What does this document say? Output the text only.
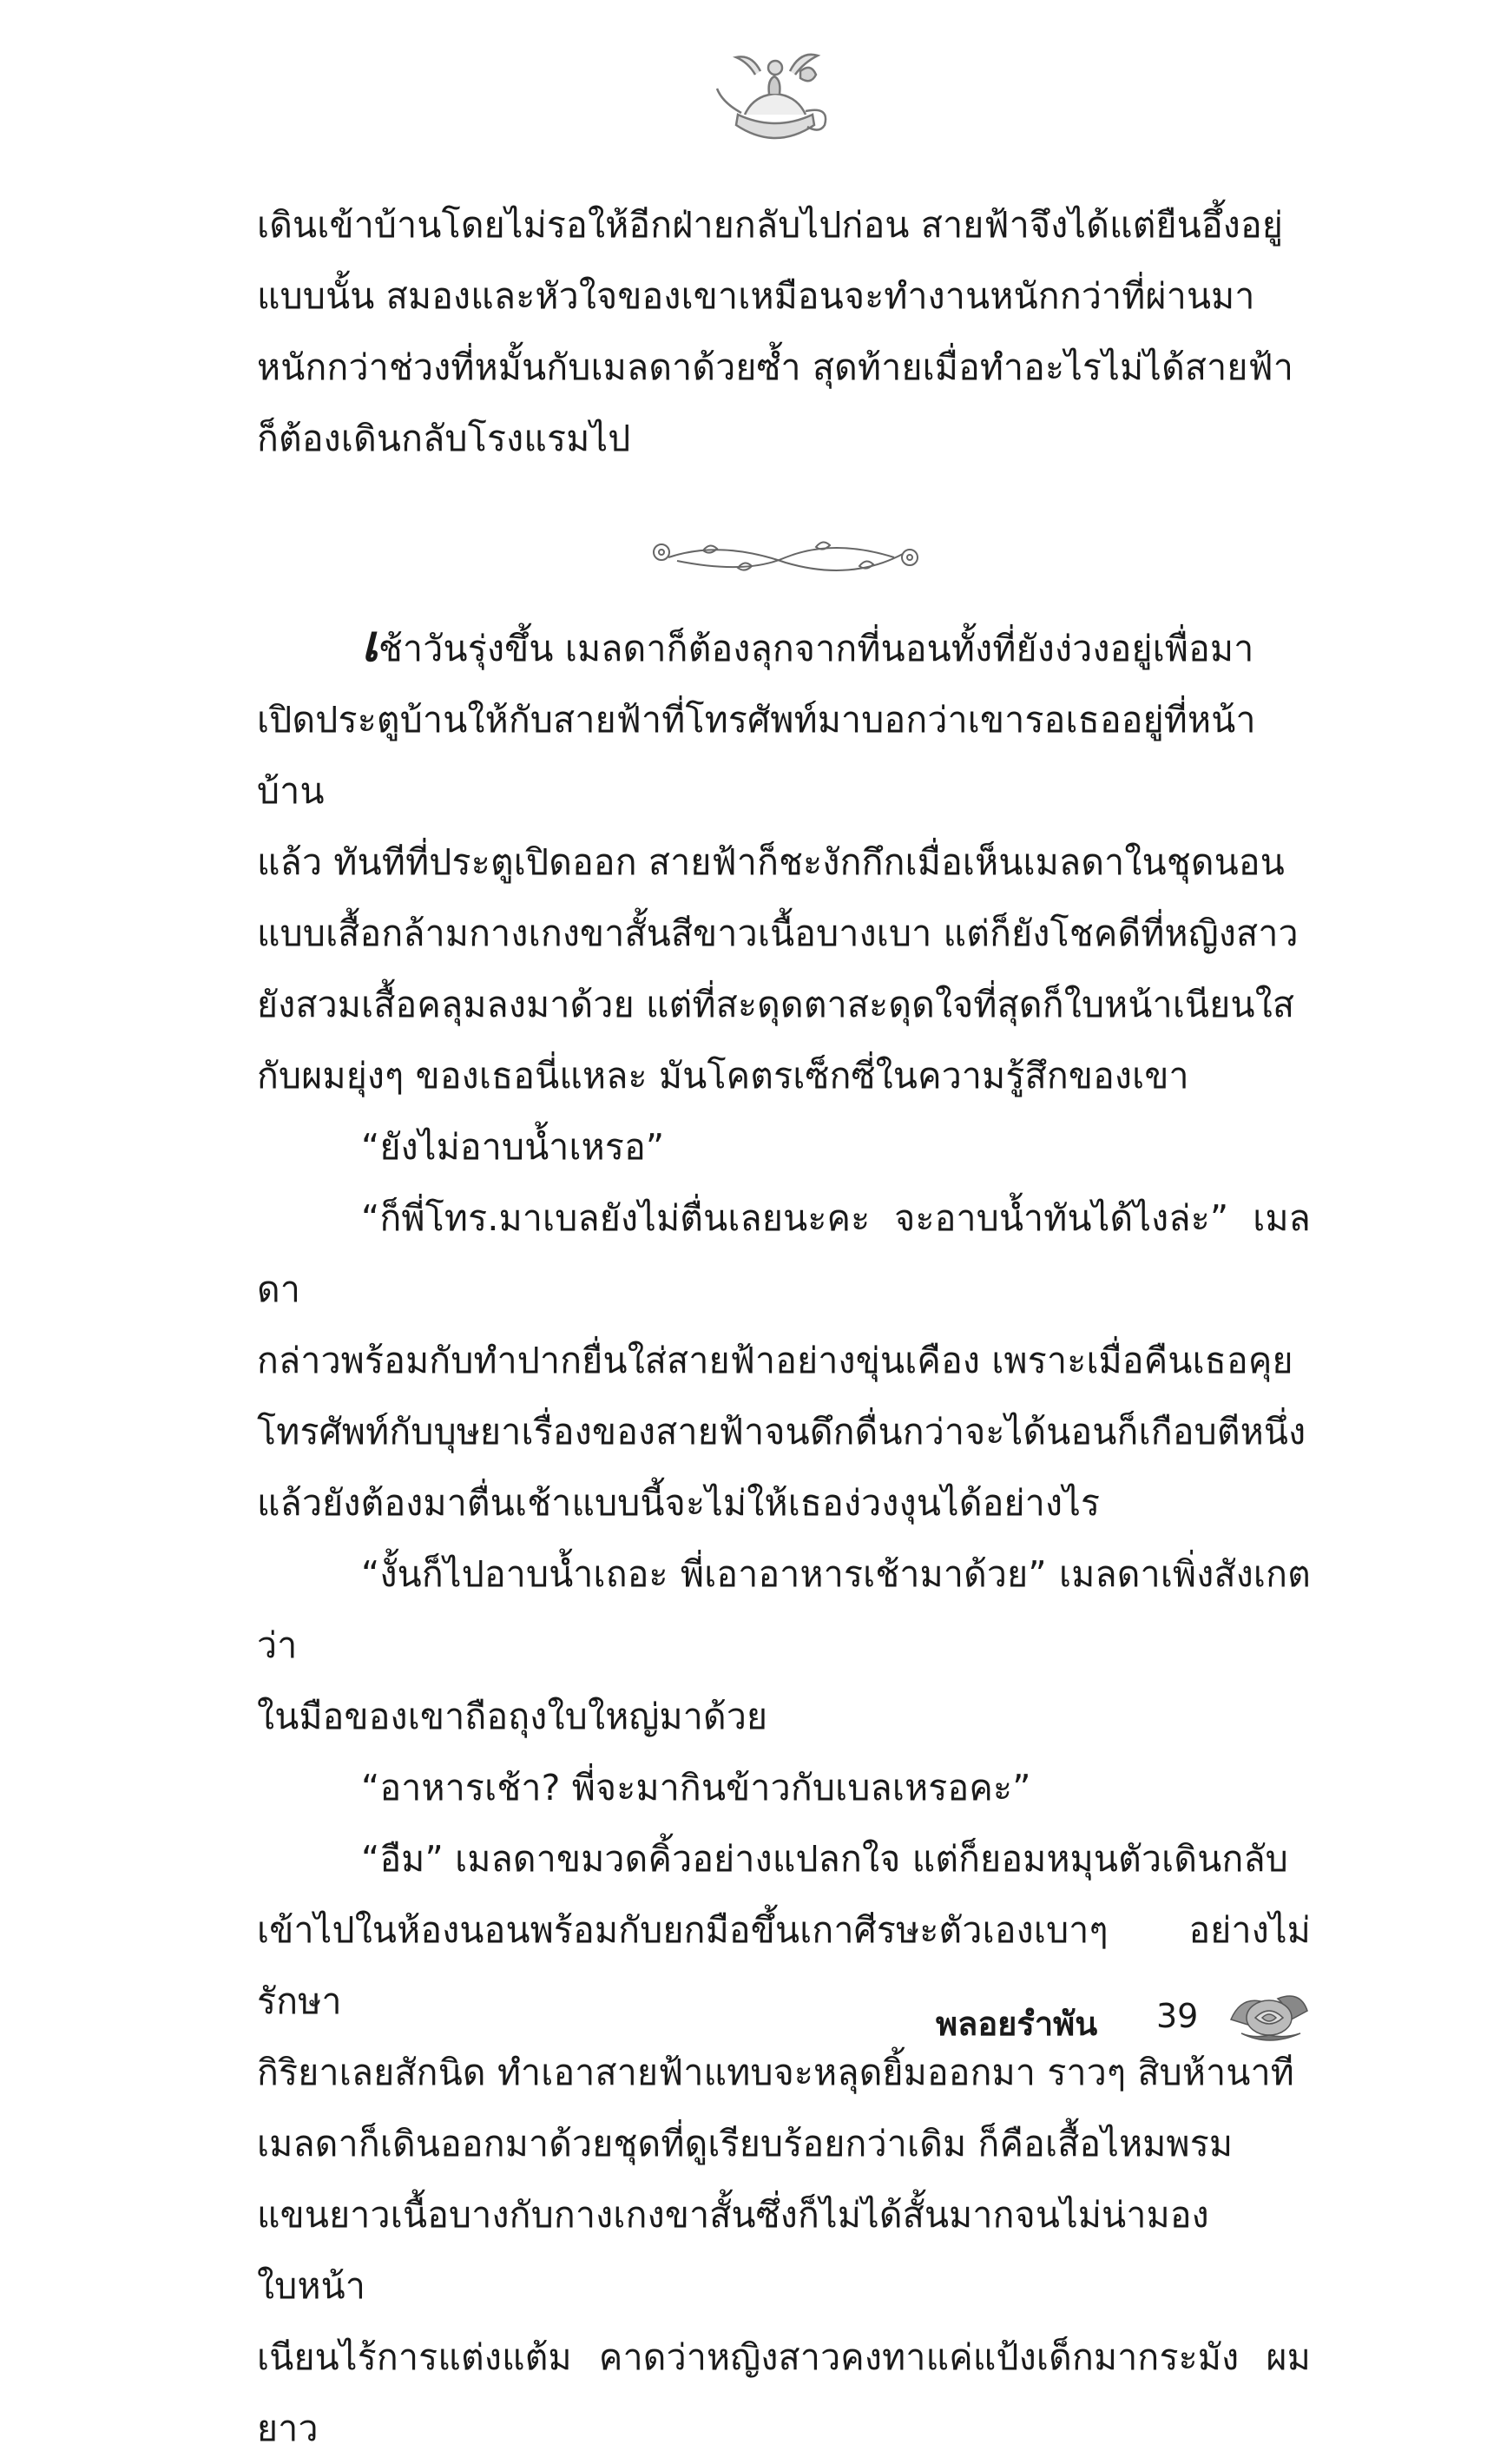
เดินเข้าบ้านโดยไม่รอให้อีกฝ่ายกลับไปก่อน สายฟ้าจึงได้แต่ยืนอึ้งอยู่

แบบนั้น สมองและหัวใจของเขาเหมือนจะทำงานหนักกว่าที่ผ่านมา

หนักกว่าช่วงที่หมั้นกับเมลดาด้วยซ้ำ สุดท้ายเมื่อทำอะไรไม่ได้สายฟ้า

ก็ต้องเดินกลับโรงแรมไป

เช้าวันรุ่งขึ้น เมลดาก็ต้องลุกจากที่นอนทั้งที่ยังง่วงอยู่เพื่อมา

เปิดประตูบ้านให้กับสายฟ้าที่โทรศัพท์มาบอกว่าเขารอเธออยู่ที่หน้าบ้าน

แล้ว ทันทีที่ประตูเปิดออก สายฟ้าก็ชะงักกึกเมื่อเห็นเมลดาในชุดนอน

แบบเสื้อกล้ามกางเกงขาสั้นสีขาวเนื้อบางเบา แต่ก็ยังโชคดีที่หญิงสาว

ยังสวมเสื้อคลุมลงมาด้วย แต่ที่สะดุดตาสะดุดใจที่สุดก็ใบหน้าเนียนใส

กับผมยุ่งๆ ของเธอนี่แหละ มันโคตรเซ็กซี่ในความรู้สึกของเขา

“ยังไม่อาบน้ำเหรอ”

“ก็พี่โทร.มาเบลยังไม่ตื่นเลยนะคะ จะอาบน้ำทันได้ไงล่ะ” เมลดา

กล่าวพร้อมกับทำปากยื่นใส่สายฟ้าอย่างขุ่นเคือง เพราะเมื่อคืนเธอคุย

โทรศัพท์กับบุษยาเรื่องของสายฟ้าจนดึกดื่นกว่าจะได้นอนก็เกือบตีหนึ่ง

แล้วยังต้องมาตื่นเช้าแบบนี้จะไม่ให้เธอง่วงงุนได้อย่างไร

“งั้นก็ไปอาบน้ำเถอะ พี่เอาอาหารเช้ามาด้วย” เมลดาเพิ่งสังเกตว่า

ในมือของเขาถือถุงใบใหญ่มาด้วย

“อาหารเช้า? พี่จะมากินข้าวกับเบลเหรอคะ”

“อืม” เมลดาขมวดคิ้วอย่างแปลกใจ แต่ก็ยอมหมุนตัวเดินกลับ

เข้าไปในห้องนอนพร้อมกับยกมือขึ้นเกาศีรษะตัวเองเบาๆ อย่างไม่รักษา

กิริยาเลยสักนิด ทำเอาสายฟ้าแทบจะหลุดยิ้มออกมา ราวๆ สิบห้านาที

เมลดาก็เดินออกมาด้วยชุดที่ดูเรียบร้อยกว่าเดิม ก็คือเสื้อไหมพรม

แขนยาวเนื้อบางกับกางเกงขาสั้นซึ่งก็ไม่ได้สั้นมากจนไม่น่ามอง ใบหน้า

เนียนไร้การแต่งแต้ม คาดว่าหญิงสาวคงทาแค่แป้งเด็กมากระมัง ผมยาว

พลอยรำพัน 39
